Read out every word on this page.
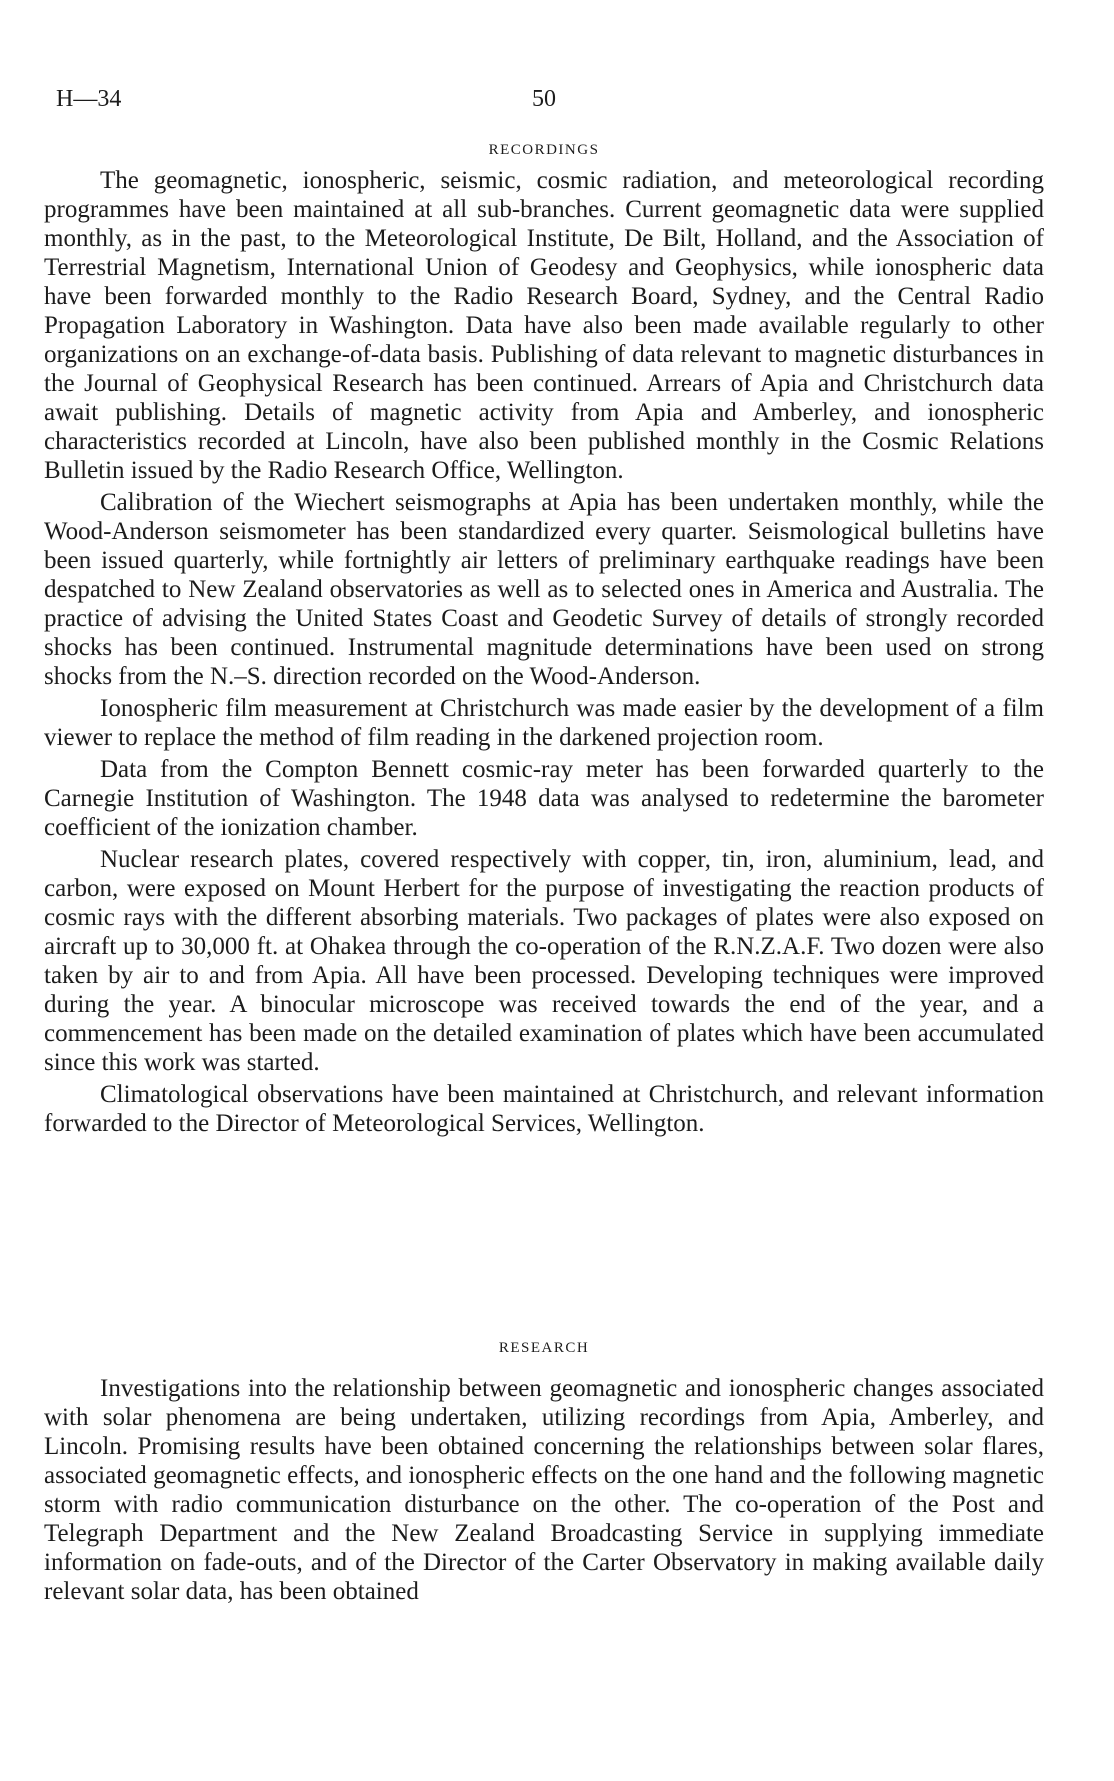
H—34	50
RECORDINGS

The geomagnetic, ionospheric, seismic, cosmic radiation, and meteorological recording programmes have been maintained at all sub-branches. Current geomagnetic data were supplied monthly, as in the past, to the Meteorological Institute, De Bilt, Holland, and the Association of Terrestrial Magnetism, International Union of Geodesy and Geophysics, while ionospheric data have been forwarded monthly to the Radio Research Board, Sydney, and the Central Radio Propagation Laboratory in Washington. Data have also been made available regularly to other organizations on an exchange-of-data basis. Publishing of data relevant to magnetic disturbances in the Journal of Geophysical Research has been continued. Arrears of Apia and Christchurch data await publishing. Details of magnetic activity from Apia and Amberley, and ionospheric characteristics recorded at Lincoln, have also been published monthly in the Cosmic Relations Bulletin issued by the Radio Research Office, Wellington.

Calibration of the Wiechert seismographs at Apia has been undertaken monthly, while the Wood-Anderson seismometer has been standardized every quarter. Seismological bulletins have been issued quarterly, while fortnightly air letters of preliminary earthquake readings have been despatched to New Zealand observatories as well as to selected ones in America and Australia. The practice of advising the United States Coast and Geodetic Survey of details of strongly recorded shocks has been continued. Instrumental magnitude determinations have been used on strong shocks from the N.–S. direction recorded on the Wood-Anderson.

Ionospheric film measurement at Christchurch was made easier by the development of a film viewer to replace the method of film reading in the darkened projection room.

Data from the Compton Bennett cosmic-ray meter has been forwarded quarterly to the Carnegie Institution of Washington. The 1948 data was analysed to redetermine the barometer coefficient of the ionization chamber.

Nuclear research plates, covered respectively with copper, tin, iron, aluminium, lead, and carbon, were exposed on Mount Herbert for the purpose of investigating the reaction products of cosmic rays with the different absorbing materials. Two packages of plates were also exposed on aircraft up to 30,000 ft. at Ohakea through the co-operation of the R.N.Z.A.F. Two dozen were also taken by air to and from Apia. All have been processed. Developing techniques were improved during the year. A binocular microscope was received towards the end of the year, and a commencement has been made on the detailed examination of plates which have been accumulated since this work was started.

Climatological observations have been maintained at Christchurch, and relevant information forwarded to the Director of Meteorological Services, Wellington.

RESEARCH

Investigations into the relationship between geomagnetic and ionospheric changes associated with solar phenomena are being undertaken, utilizing recordings from Apia, Amberley, and Lincoln. Promising results have been obtained concerning the relationships between solar flares, associated geomagnetic effects, and ionospheric effects on the one hand and the following magnetic storm with radio communication disturbance on the other. The co-operation of the Post and Telegraph Department and the New Zealand Broadcasting Service in supplying immediate information on fade-outs, and of the Director of the Carter Observatory in making available daily relevant solar data, has been obtained
